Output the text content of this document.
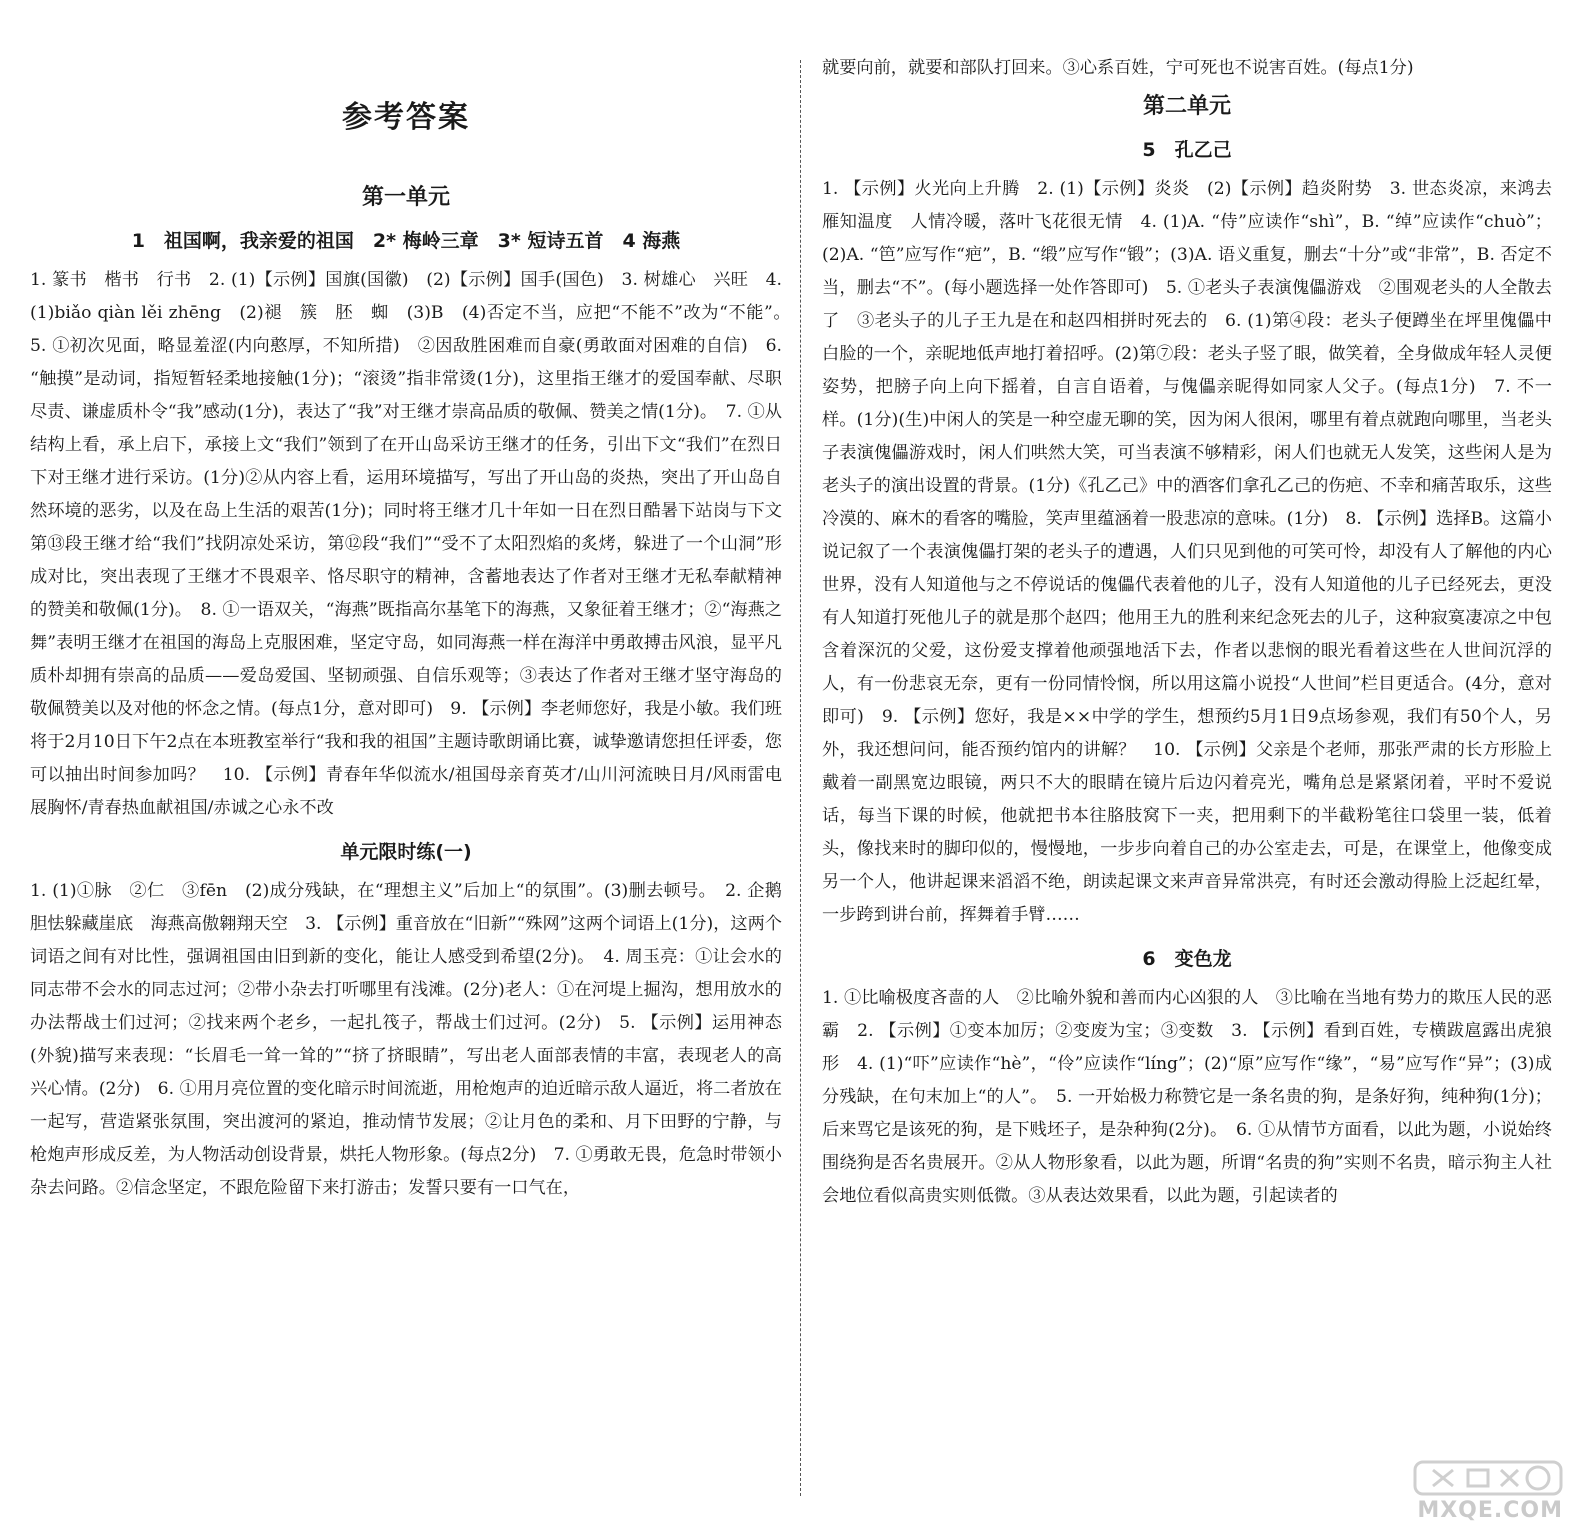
参考答案
第一单元
1　祖国啊，我亲爱的祖国　2* 梅岭三章　3* 短诗五首　4 海燕

1. 篆书　楷书　行书　2. (1)【示例】国旗(国徽)　(2)【示例】国手(国色)　3. 树雄心　兴旺　4. (1)biǎo qiàn lěi zhēng　(2)褪　簇　胚　蜘　(3)B　(4)否定不当，应把“不能不”改为“不能”。　5. ①初次见面，略显羞涩(内向憨厚，不知所措)　②因敌胜困难而自豪(勇敢面对困难的自信)　6. “触摸”是动词，指短暂轻柔地接触(1分)；“滚烫”指非常烫(1分)，这里指王继才的爱国奉献、尽职尽责、谦虚质朴令“我”感动(1分)，表达了“我”对王继才崇高品质的敬佩、赞美之情(1分)。　7. ①从结构上看，承上启下，承接上文“我们”领到了在开山岛采访王继才的任务，引出下文“我们”在烈日下对王继才进行采访。(1分)②从内容上看，运用环境描写，写出了开山岛的炎热，突出了开山岛自然环境的恶劣，以及在岛上生活的艰苦(1分)；同时将王继才几十年如一日在烈日酷暑下站岗与下文第⑬段王继才给“我们”找阴凉处采访，第⑫段“我们”“受不了太阳烈焰的炙烤，躲进了一个山洞”形成对比，突出表现了王继才不畏艰辛、恪尽职守的精神，含蓄地表达了作者对王继才无私奉献精神的赞美和敬佩(1分)。　8. ①一语双关，“海燕”既指高尔基笔下的海燕，又象征着王继才；②“海燕之舞”表明王继才在祖国的海岛上克服困难，坚定守岛，如同海燕一样在海洋中勇敢搏击风浪，显平凡质朴却拥有崇高的品质——爱岛爱国、坚韧顽强、自信乐观等；③表达了作者对王继才坚守海岛的敬佩赞美以及对他的怀念之情。(每点1分，意对即可)　9. 【示例】李老师您好，我是小敏。我们班将于2月10日下午2点在本班教室举行“我和我的祖国”主题诗歌朗诵比赛，诚挚邀请您担任评委，您可以抽出时间参加吗？　10. 【示例】青春年华似流水/祖国母亲育英才/山川河流映日月/风雨雷电展胸怀/青春热血献祖国/赤诚之心永不改

单元限时练(一)

1. (1)①脉　②仁　③fēn　(2)成分残缺，在“理想主义”后加上“的氛围”。(3)删去顿号。　2. 企鹅胆怯躲藏崖底　海燕高傲翱翔天空　3. 【示例】重音放在“旧新”“殊网”这两个词语上(1分)，这两个词语之间有对比性，强调祖国由旧到新的变化，能让人感受到希望(2分)。　4. 周玉亮：①让会水的同志带不会水的同志过河；②带小杂去打听哪里有浅滩。(2分)老人：①在河堤上掘沟，想用放水的办法帮战士们过河；②找来两个老乡，一起扎筏子，帮战士们过河。(2分)　5. 【示例】运用神态(外貌)描写来表现：“长眉毛一耸一耸的”“挤了挤眼睛”，写出老人面部表情的丰富，表现老人的高兴心情。(2分)　6. ①用月亮位置的变化暗示时间流逝，用枪炮声的迫近暗示敌人逼近，将二者放在一起写，营造紧张氛围，突出渡河的紧迫，推动情节发展；②让月色的柔和、月下田野的宁静，与枪炮声形成反差，为人物活动创设背景，烘托人物形象。(每点2分)　7. ①勇敢无畏，危急时带领小杂去问路。②信念坚定，不跟危险留下来打游击；发誓只要有一口气在，

就要向前，就要和部队打回来。③心系百姓，宁可死也不说害百姓。(每点1分)

第二单元
5　孔乙己

1. 【示例】火光向上升腾　2. (1)【示例】炎炎　(2)【示例】趋炎附势　3. 世态炎凉，来鸿去雁知温度　人情冷暖，落叶飞花很无情　4. (1)A. “侍”应读作“shì”，B. “绰”应读作“chuò”；(2)A. “笆”应写作“疤”，B. “缎”应写作“锻”；(3)A. 语义重复，删去“十分”或“非常”，B. 否定不当，删去“不”。(每小题选择一处作答即可)　5. ①老头子表演傀儡游戏　②围观老头的人全散去了　③老头子的儿子王九是在和赵四相拼时死去的　6. (1)第④段：老头子便蹲坐在坪里傀儡中白脸的一个，亲昵地低声地打着招呼。(2)第⑦段：老头子竖了眼，做笑着，全身做成年轻人灵便姿势，把膀子向上向下摇着，自言自语着，与傀儡亲昵得如同家人父子。(每点1分)　7. 不一样。(1分)(生)中闲人的笑是一种空虚无聊的笑，因为闲人很闲，哪里有着点就跑向哪里，当老头子表演傀儡游戏时，闲人们哄然大笑，可当表演不够精彩，闲人们也就无人发笑，这些闲人是为老头子的演出设置的背景。(1分)《孔乙己》中的酒客们拿孔乙己的伤疤、不幸和痛苦取乐，这些冷漠的、麻木的看客的嘴脸，笑声里蕴涵着一股悲凉的意味。(1分)　8. 【示例】选择B。这篇小说记叙了一个表演傀儡打架的老头子的遭遇，人们只见到他的可笑可怜，却没有人了解他的内心世界，没有人知道他与之不停说话的傀儡代表着他的儿子，没有人知道他的儿子已经死去，更没有人知道打死他儿子的就是那个赵四；他用王九的胜利来纪念死去的儿子，这种寂寞凄凉之中包含着深沉的父爱，这份爱支撑着他顽强地活下去，作者以悲悯的眼光看着这些在人世间沉浮的人，有一份悲哀无奈，更有一份同情怜悯，所以用这篇小说投“人世间”栏目更适合。(4分，意对即可)　9. 【示例】您好，我是××中学的学生，想预约5月1日9点场参观，我们有50个人，另外，我还想问问，能否预约馆内的讲解？　10. 【示例】父亲是个老师，那张严肃的长方形脸上戴着一副黑宽边眼镜，两只不大的眼睛在镜片后边闪着亮光，嘴角总是紧紧闭着，平时不爱说话，每当下课的时候，他就把书本往胳肢窝下一夹，把用剩下的半截粉笔往口袋里一装，低着头，像找来时的脚印似的，慢慢地，一步步向着自己的办公室走去，可是，在课堂上，他像变成另一个人，他讲起课来滔滔不绝，朗读起课文来声音异常洪亮，有时还会激动得脸上泛起红晕，一步跨到讲台前，挥舞着手臂……

6　变色龙

1. ①比喻极度吝啬的人　②比喻外貌和善而内心凶狠的人　③比喻在当地有势力的欺压人民的恶霸　2. 【示例】①变本加厉；②变废为宝；③变数　3. 【示例】看到百姓，专横跋扈露出虎狼形　4. (1)“吓”应读作“hè”，“伶”应读作“líng”；(2)“原”应写作“缘”，“易”应写作“异”；(3)成分残缺，在句末加上“的人”。　5. 一开始极力称赞它是一条名贵的狗，是条好狗，纯种狗(1分)；后来骂它是该死的狗，是下贱坯子，是杂种狗(2分)。　6. ①从情节方面看，以此为题，小说始终围绕狗是否名贵展开。②从人物形象看，以此为题，所谓“名贵的狗”实则不名贵，暗示狗主人社会地位看似高贵实则低微。③从表达效果看，以此为题，引起读者的

MXQE.COM
